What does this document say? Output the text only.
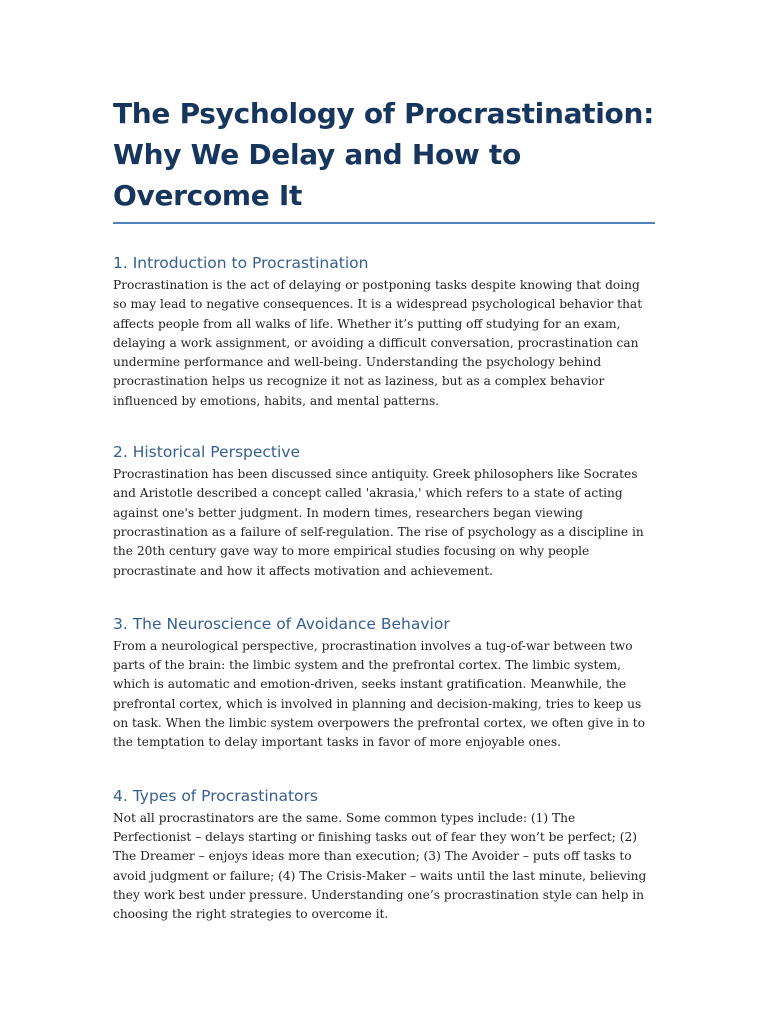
The Psychology of Procrastination: Why We Delay and How to Overcome It
1. Introduction to Procrastination

Procrastination is the act of delaying or postponing tasks despite knowing that doing so may lead to negative consequences. It is a widespread psychological behavior that affects people from all walks of life. Whether it’s putting off studying for an exam, delaying a work assignment, or avoiding a difficult conversation, procrastination can undermine performance and well-being. Understanding the psychology behind procrastination helps us recognize it not as laziness, but as a complex behavior influenced by emotions, habits, and mental patterns.

2. Historical Perspective

Procrastination has been discussed since antiquity. Greek philosophers like Socrates and Aristotle described a concept called 'akrasia,' which refers to a state of acting against one's better judgment. In modern times, researchers began viewing procrastination as a failure of self-regulation. The rise of psychology as a discipline in the 20th century gave way to more empirical studies focusing on why people procrastinate and how it affects motivation and achievement.

3. The Neuroscience of Avoidance Behavior

From a neurological perspective, procrastination involves a tug-of-war between two parts of the brain: the limbic system and the prefrontal cortex. The limbic system, which is automatic and emotion-driven, seeks instant gratification. Meanwhile, the prefrontal cortex, which is involved in planning and decision-making, tries to keep us on task. When the limbic system overpowers the prefrontal cortex, we often give in to the temptation to delay important tasks in favor of more enjoyable ones.

4. Types of Procrastinators

Not all procrastinators are the same. Some common types include: (1) The Perfectionist – delays starting or finishing tasks out of fear they won’t be perfect; (2) The Dreamer – enjoys ideas more than execution; (3) The Avoider – puts off tasks to avoid judgment or failure; (4) The Crisis-Maker – waits until the last minute, believing they work best under pressure. Understanding one’s procrastination style can help in choosing the right strategies to overcome it.
